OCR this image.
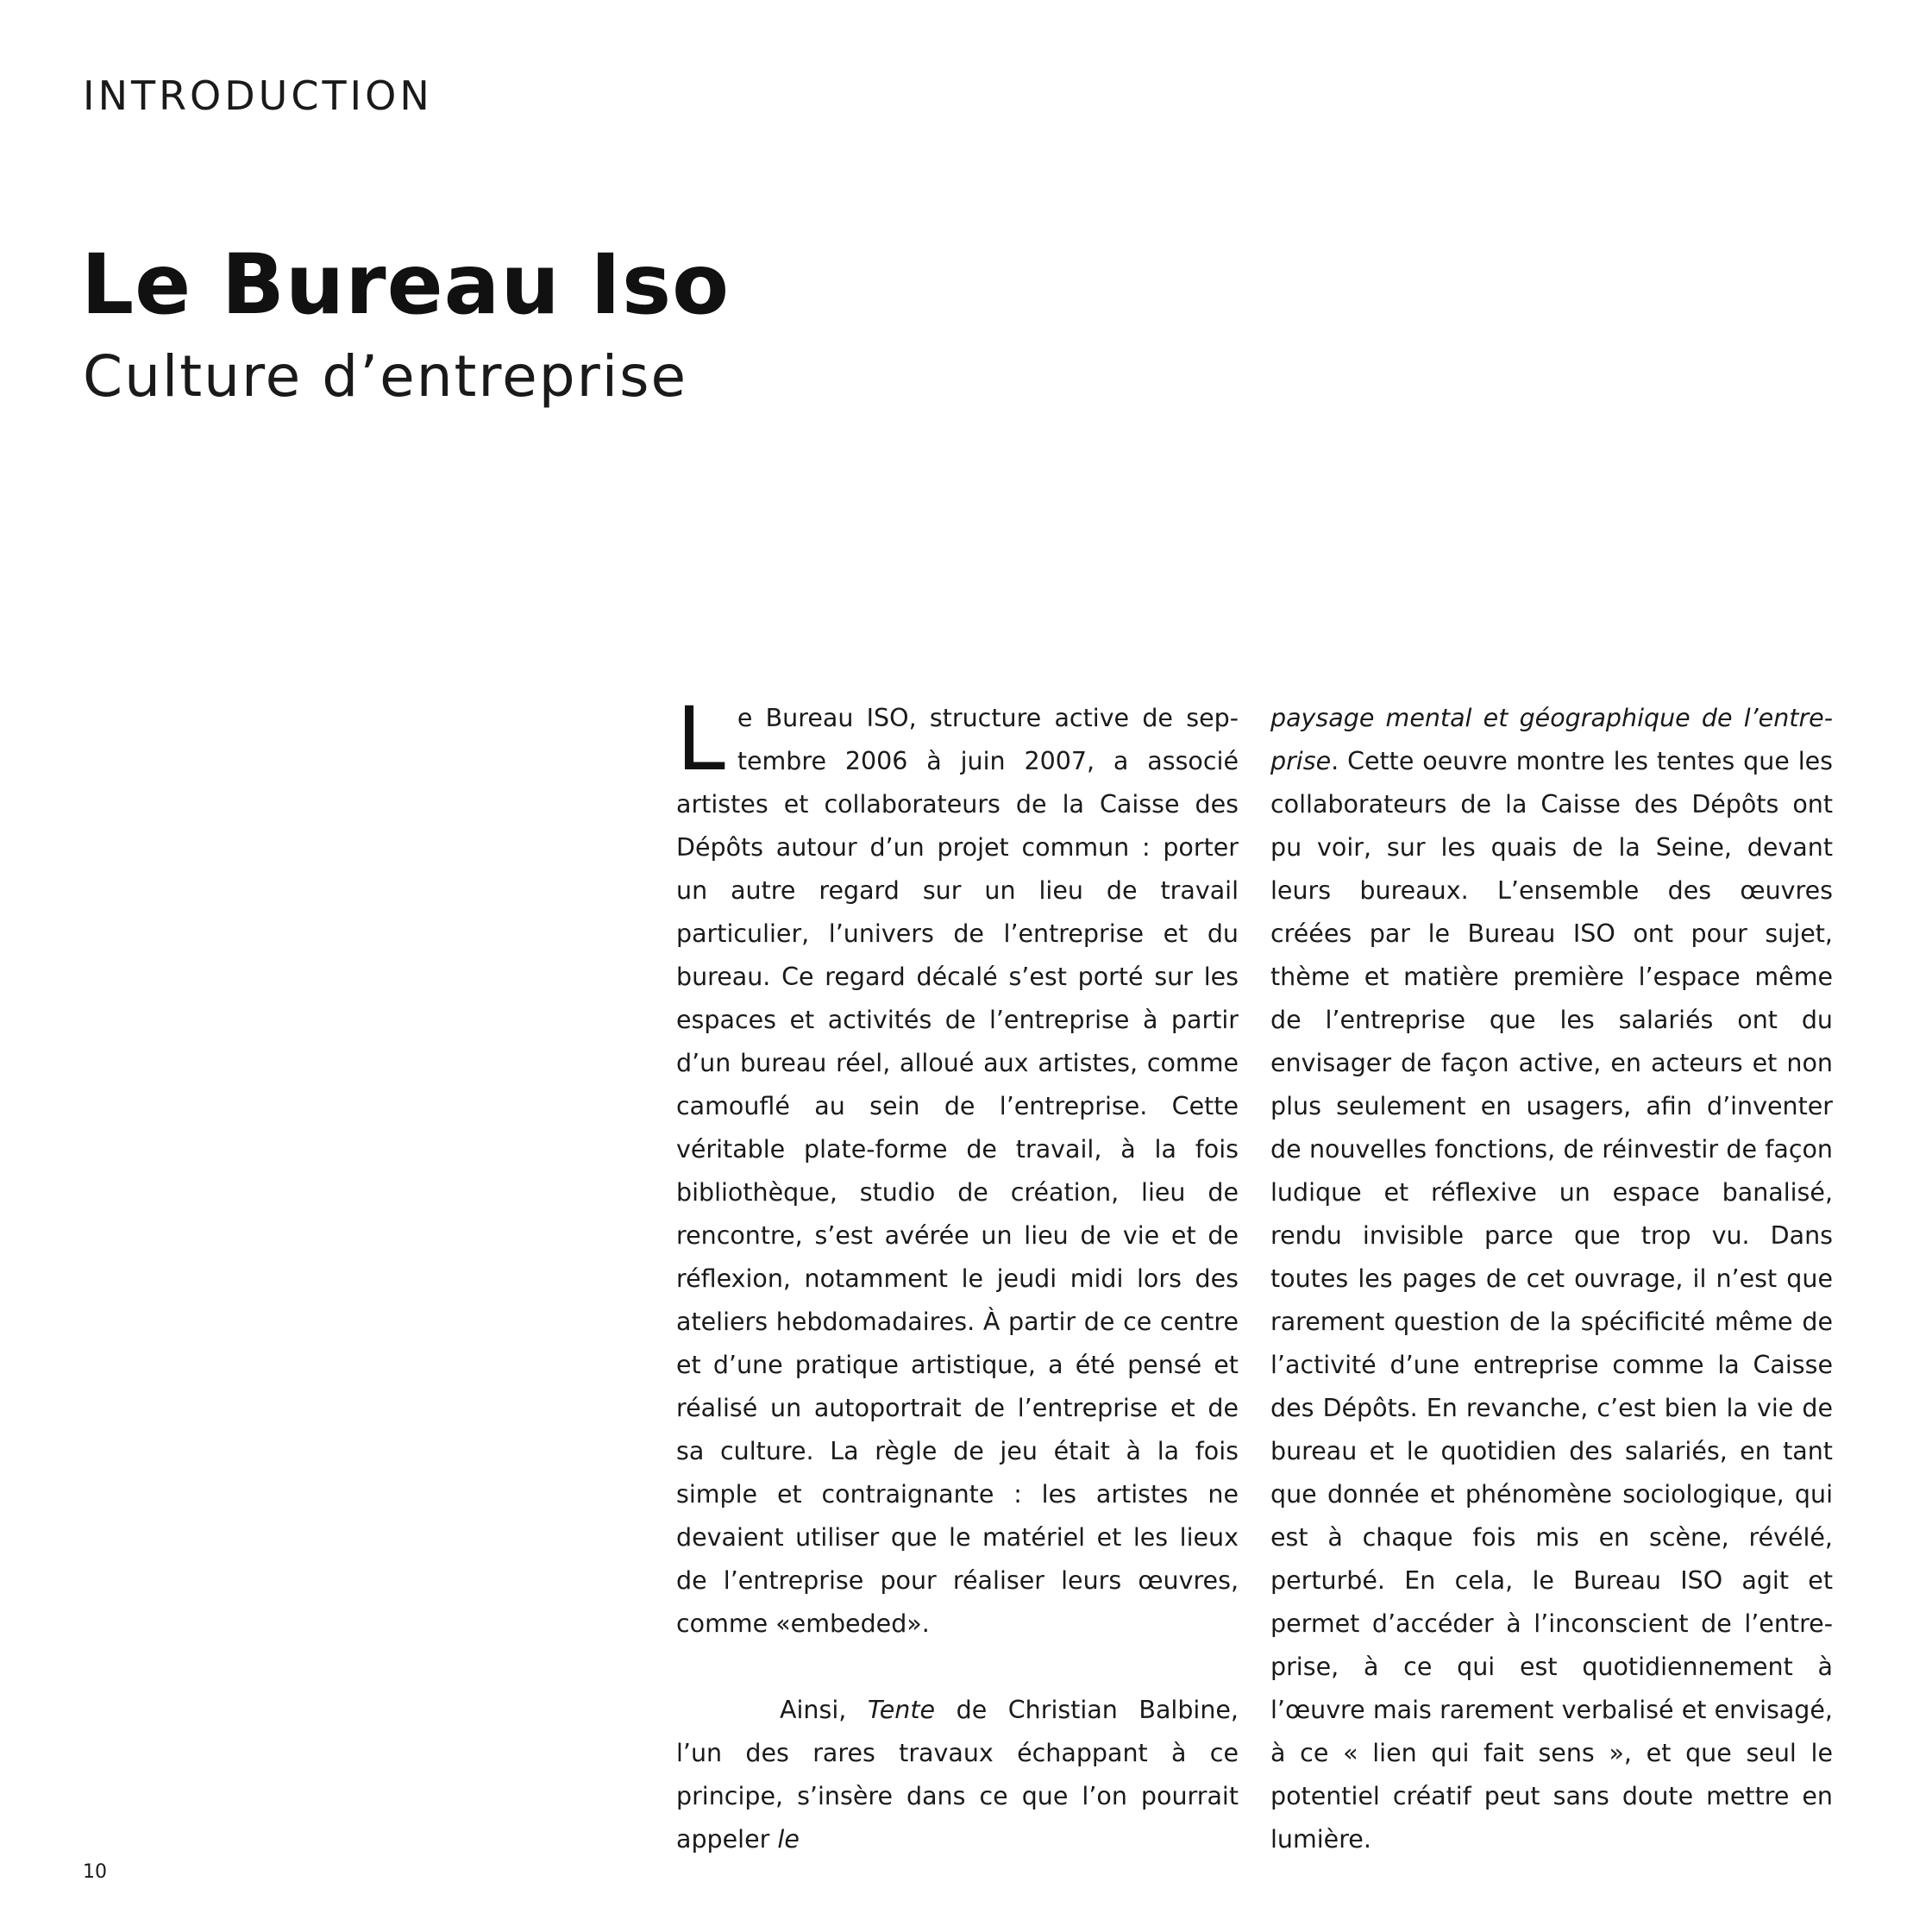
INTRODUCTION
Le Bureau Iso
Culture d’entreprise

Le Bureau ISO, structure active de septembre 2006 à juin 2007, a associé artistes et collaborateurs de la Caisse des Dépôts autour d’un projet commun : porter un autre regard sur un lieu de travail particulier, l’univers de l’entreprise et du bureau. Ce regard décalé s’est porté sur les espaces et activités de l’entreprise à partir d’un bureau réel, alloué aux artistes, comme camouflé au sein de l’entreprise. Cette véritable plate-forme de travail, à la fois bibliothèque, studio de création, lieu de rencontre, s’est avérée un lieu de vie et de réflexion, notamment le jeudi midi lors des ateliers hebdomadaires. À partir de ce centre et d’une pratique artistique, a été pensé et réalisé un autoportrait de l’entreprise et de sa culture. La règle de jeu était à la fois simple et contraignante : les artistes ne devaient utiliser que le matériel et les lieux de l’entreprise pour réaliser leurs œuvres, comme «embeded».

Ainsi, Tente de Christian Balbine, l’un des rares travaux échappant à ce principe, s’insère dans ce que l’on pourrait appeler le

paysage mental et géographique de l’entreprise. Cette oeuvre montre les tentes que les collaborateurs de la Caisse des Dépôts ont pu voir, sur les quais de la Seine, devant leurs bureaux. L’ensemble des œuvres créées par le Bureau ISO ont pour sujet, thème et matière première l’espace même de l’entreprise que les salariés ont du envisager de façon active, en acteurs et non plus seulement en usagers, afin d’inventer de nouvelles fonctions, de réinvestir de façon ludique et réflexive un espace banalisé, rendu invisible parce que trop vu. Dans toutes les pages de cet ouvrage, il n’est que rarement question de la spécificité même de l’activité d’une entreprise comme la Caisse des Dépôts. En revanche, c’est bien la vie de bureau et le quotidien des salariés, en tant que donnée et phénomène sociologique, qui est à chaque fois mis en scène, révélé, perturbé. En cela, le Bureau ISO agit et permet d’accéder à l’inconscient de l’entreprise, à ce qui est quotidiennement à l’œuvre mais rarement verbalisé et envisagé, à ce « lien qui fait sens », et que seul le potentiel créatif peut sans doute mettre en lumière.

10
